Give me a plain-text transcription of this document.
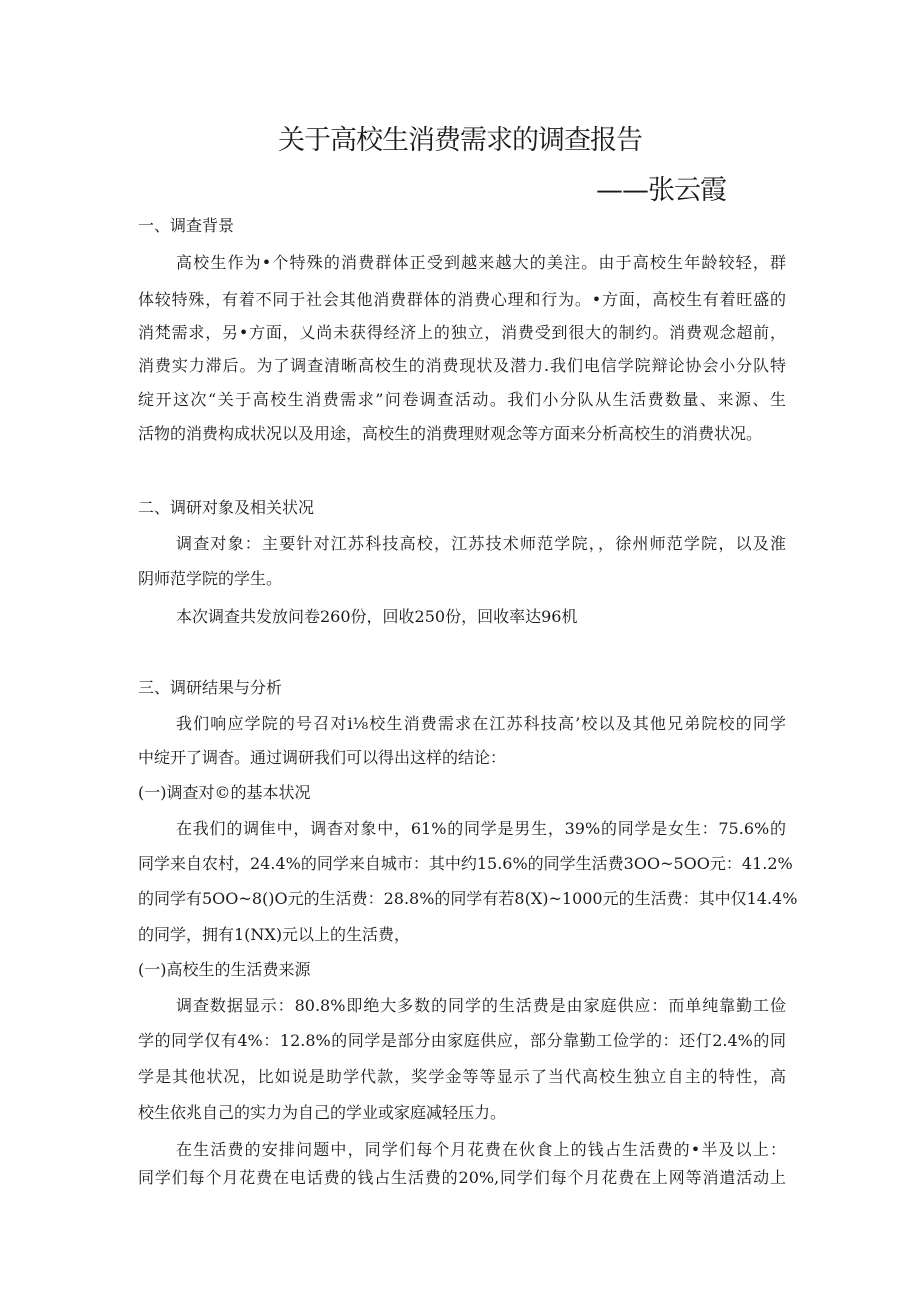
关于高校生消费需求的调查报告
——张云霞
一、调查背景
高校生作为•个特殊的消费群体正受到越来越大的美注。由于高校生年龄较轻，群
体较特殊，有着不同于社会其他消费群体的消费心理和行为。•方面，高校生有着旺盛的
消梵需求，另•方面，乂尚未获得经济上的独立，消费受到很大的制约。消费观念超前，
消费实力滞后。为了调查清晰高校生的消费现状及潜力.我们电信学院辩论协会小分队特
绽开这次“关于高校生消费需求”问卷调查活动。我们小分队从生活费数量、来源、生
活物的消费构成状况以及用途，高校生的消费理财观念等方面来分析高校生的消费状况。
二、调研对象及相关状况
调查对象：主要针对江苏科技高校，江苏技术师范学院，，徐州师范学院，以及淮
阴师范学院的学生。
本次调查共发放问卷260份，回收250份，回收率达96机
三、调研结果与分析
我们响应学院的号召对i⅛校生消费需求在江苏科技高’校以及其他兄弟院校的同学
中绽开了调杳。通过调研我们可以得出这样的结论：
(一)调查对©的基本状况
在我们的调隹中，调杳对象中，61%的同学是男生，39%的同学是女生：75.6%的
同学来自农村，24.4%的同学来自城市：其中约15.6%的同学生活费3OO~5OO元：41.2%
的同学有5OO~8()O元的生活费：28.8%的同学有若8(X)~1000元的生活费：其中仅14.4%
的同学，拥有1(NX)元以上的生活费，
(一)高校生的生活费来源
调查数据显示：80.8%即绝大多数的同学的生活费是由家庭供应：而单纯靠勤工俭
学的同学仅有4%：12.8%的同学是部分由家庭供应，部分靠勤工俭学的：还仃2.4%的同
学是其他状况，比如说是助学代款，奖学金等等显示了当代高校生独立自主的特性，高
校生依兆自己的实力为自己的学业或家庭减轻压力。
在生活费的安排问题中，同学们每个月花费在伙食上的钱占生活费的•半及以上：
同学们每个月花费在电话费的钱占生活费的20%,同学们每个月花费在上网等消遣活动上
